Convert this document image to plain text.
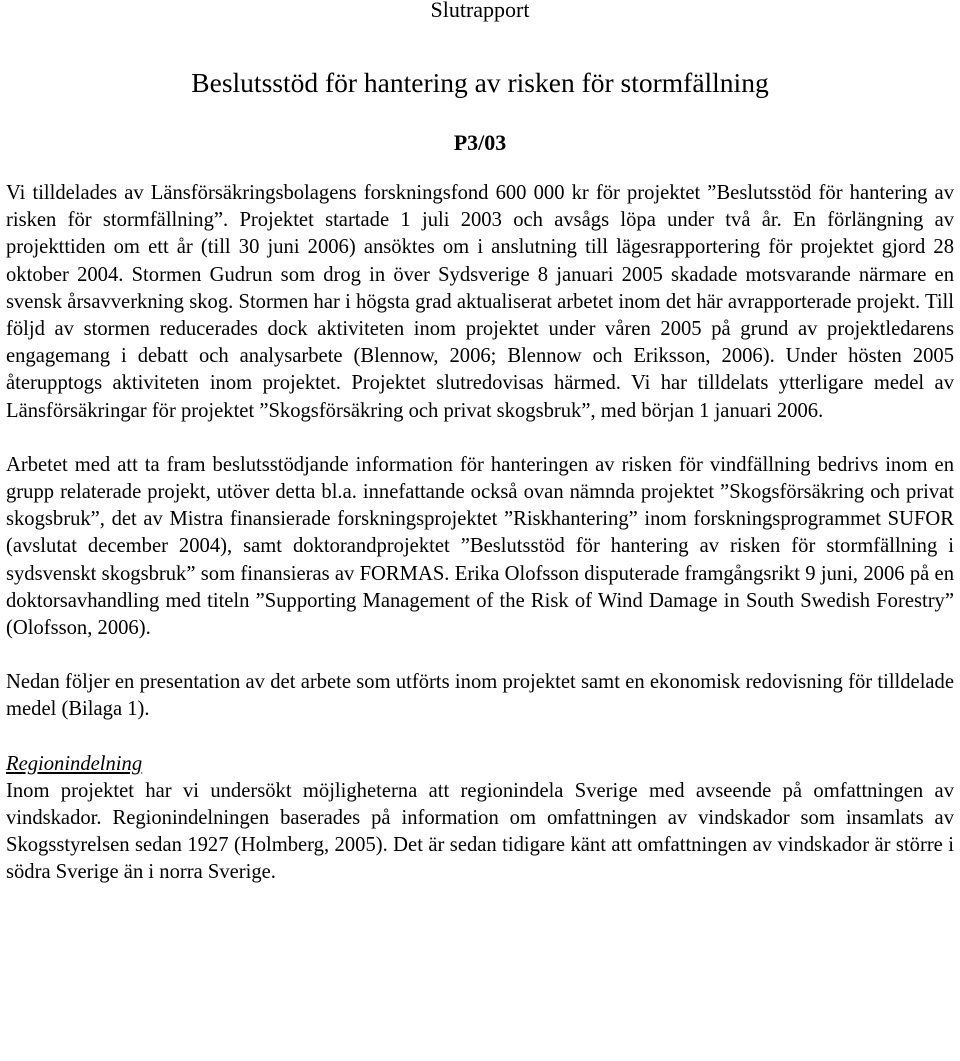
Slutrapport
Beslutsstöd för hantering av risken för stormfällning
P3/03

Vi tilldelades av Länsförsäkringsbolagens forskningsfond 600 000 kr för projektet ”Beslutsstöd för hantering av risken för stormfällning”. Projektet startade 1 juli 2003 och avsågs löpa under två år. En förlängning av projekttiden om ett år (till 30 juni 2006) ansöktes om i anslutning till lägesrapportering för projektet gjord 28 oktober 2004. Stormen Gudrun som drog in över Sydsverige 8 januari 2005 skadade motsvarande närmare en svensk årsavverkning skog. Stormen har i högsta grad aktualiserat arbetet inom det här avrapporterade projekt. Till följd av stormen reducerades dock aktiviteten inom projektet under våren 2005 på grund av projektledarens engagemang i debatt och analysarbete (Blennow, 2006; Blennow och Eriksson, 2006). Under hösten 2005 återupptogs aktiviteten inom projektet. Projektet slutredovisas härmed. Vi har tilldelats ytterligare medel av Länsförsäkringar för projektet ”Skogsförsäkring och privat skogsbruk”, med början 1 januari 2006.

Arbetet med att ta fram beslutsstödjande information för hanteringen av risken för vindfällning bedrivs inom en grupp relaterade projekt, utöver detta bl.a. innefattande också ovan nämnda projektet ”Skogsförsäkring och privat skogsbruk”, det av Mistra finansierade forskningsprojektet ”Riskhantering” inom forskningsprogrammet SUFOR (avslutat december 2004), samt doktorandprojektet ”Beslutsstöd för hantering av risken för stormfällning i sydsvenskt skogsbruk” som finansieras av FORMAS. Erika Olofsson disputerade framgångsrikt 9 juni, 2006 på en doktorsavhandling med titeln ”Supporting Management of the Risk of Wind Damage in South Swedish Forestry” (Olofsson, 2006).

Nedan följer en presentation av det arbete som utförts inom projektet samt en ekonomisk redovisning för tilldelade medel (Bilaga 1).

Regionindelning

Inom projektet har vi undersökt möjligheterna att regionindela Sverige med avseende på omfattningen av vindskador. Regionindelningen baserades på information om omfattningen av vindskador som insamlats av Skogsstyrelsen sedan 1927 (Holmberg, 2005). Det är sedan tidigare känt att omfattningen av vindskador är större i södra Sverige än i norra Sverige.
